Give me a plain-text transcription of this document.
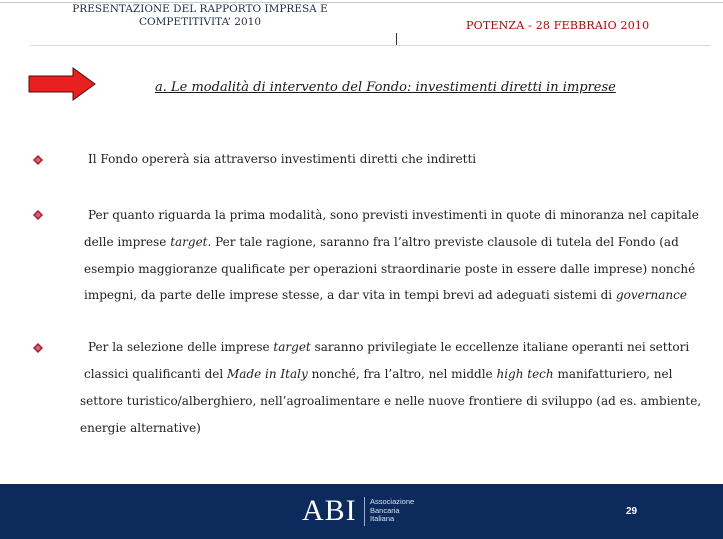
PRESENTAZIONE DEL RAPPORTO IMPRESA E
COMPETITIVITA’ 2010	POTENZA - 28 FEBBRAIO 2010
a. Le modalità di intervento del Fondo: investimenti diretti in imprese
Il Fondo opererà sia attraverso investimenti diretti che indiretti
Per quanto riguarda la prima modalità, sono previsti investimenti in quote di minoranza nel capitale
delle imprese target. Per tale ragione, saranno fra l’altro previste clausole di tutela del Fondo (ad
esempio maggioranze qualificate per operazioni straordinarie poste in essere dalle imprese) nonché
impegni, da parte delle imprese stesse, a dar vita in tempi brevi ad adeguati sistemi di governance
Per la selezione delle imprese target saranno privilegiate le eccellenze italiane operanti nei settori
classici qualificanti del Made in Italy nonché, fra l’altro, nel middle high tech manifatturiero, nel
settore turistico/alberghiero, nell’agroalimentare e nelle nuove frontiere di sviluppo (ad es. ambiente,
energie alternative)
ABI Associazione
Bancaria
Italiana
29
